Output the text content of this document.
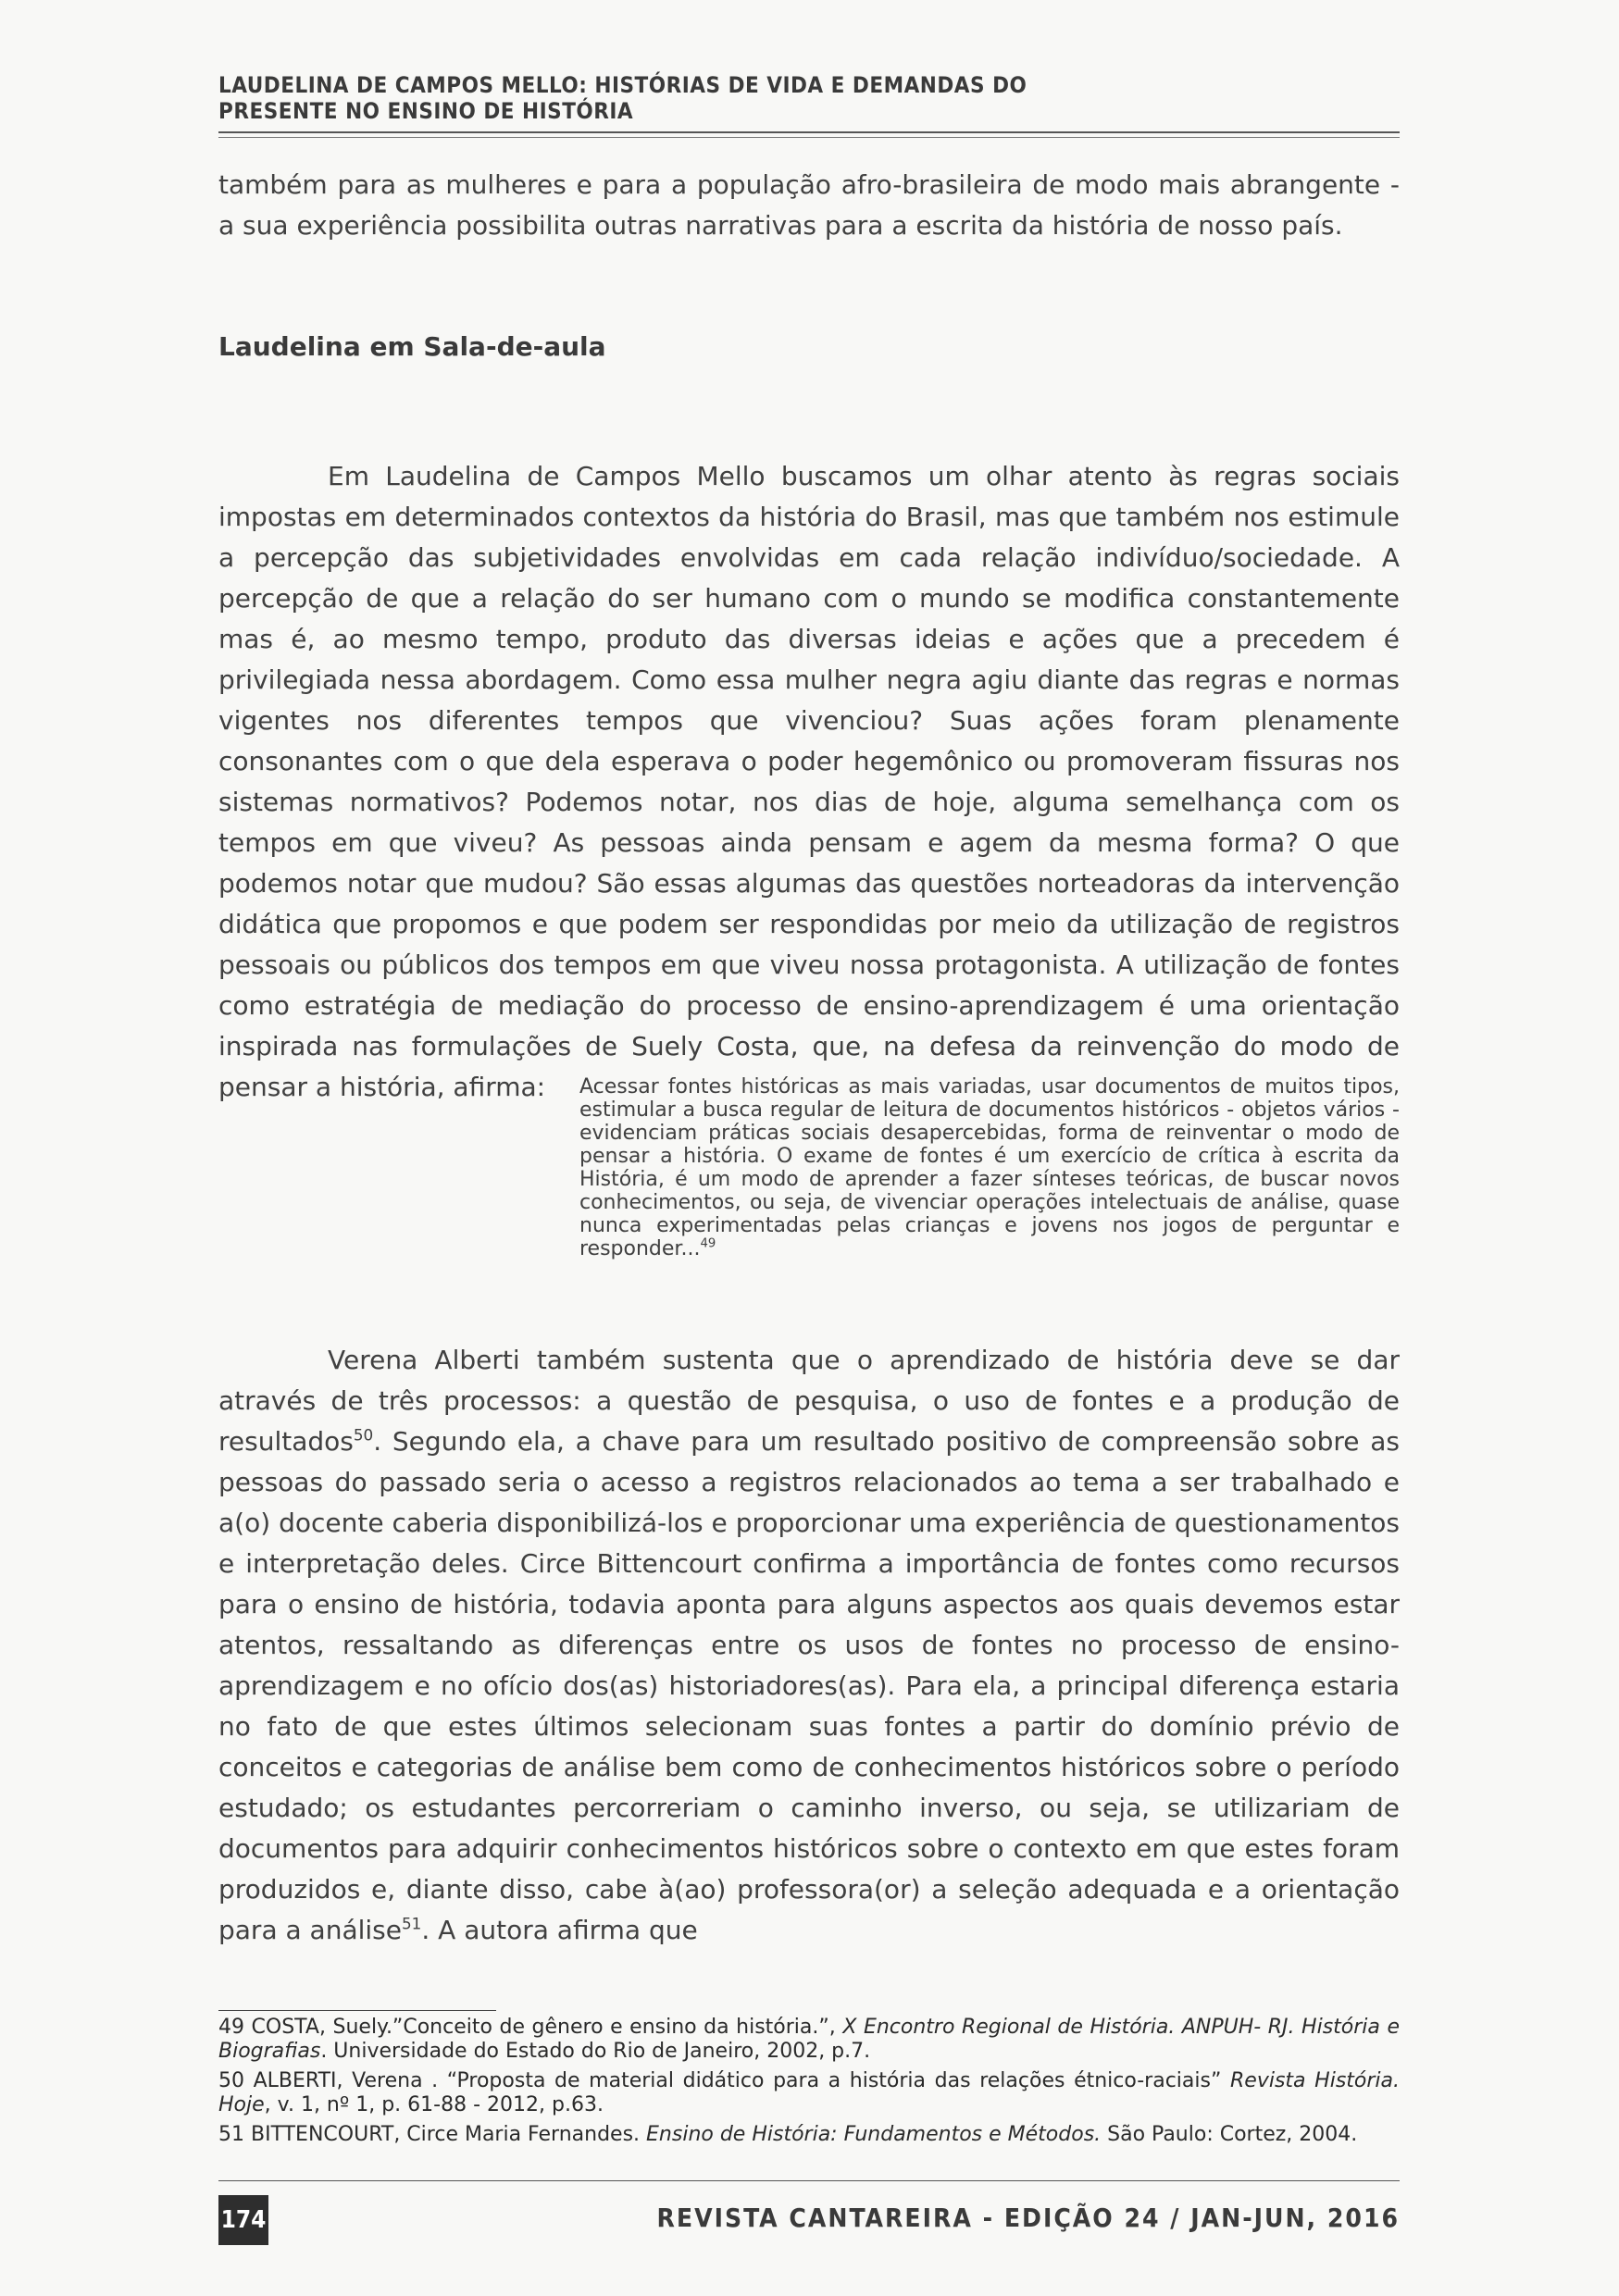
LAUDELINA DE CAMPOS MELLO: HISTÓRIAS DE VIDA E DEMANDAS DO PRESENTE NO ENSINO DE HISTÓRIA
também para as mulheres e para a população afro-brasileira de modo mais abrangente - a sua experiência possibilita outras narrativas para a escrita da história de nosso país.
Laudelina em Sala-de-aula
Em Laudelina de Campos Mello buscamos um olhar atento às regras sociais impostas em determinados contextos da história do Brasil, mas que também nos estimule a percepção das subjetividades envolvidas em cada relação indivíduo/sociedade. A percepção de que a relação do ser humano com o mundo se modifica constantemente mas é, ao mesmo tempo, produto das diversas ideias e ações que a precedem é privilegiada nessa abordagem. Como essa mulher negra agiu diante das regras e normas vigentes nos diferentes tempos que vivenciou? Suas ações foram plenamente consonantes com o que dela esperava o poder hegemônico ou promoveram fissuras nos sistemas normativos? Podemos notar, nos dias de hoje, alguma semelhança com os tempos em que viveu? As pessoas ainda pensam e agem da mesma forma? O que podemos notar que mudou? São essas algumas das questões norteadoras da intervenção didática que propomos e que podem ser respondidas por meio da utilização de registros pessoais ou públicos dos tempos em que viveu nossa protagonista. A utilização de fontes como estratégia de mediação do processo de ensino-aprendizagem é uma orientação inspirada nas formulações de Suely Costa, que, na defesa da reinvenção do modo de pensar a história, afirma:	Acessar fontes históricas as mais variadas, usar documentos de muitos tipos, estimular a busca regular de leitura de documentos históricos - objetos vários - evidenciam práticas sociais desapercebidas, forma de reinventar o modo de pensar a história. O exame de fontes é um exercício de crítica à escrita da História, é um modo de aprender a fazer sínteses teóricas, de buscar novos conhecimentos, ou seja, de vivenciar operações intelectuais de análise, quase nunca experimentadas pelas crianças e jovens nos jogos de perguntar e responder...$^{49}$
Verena Alberti também sustenta que o aprendizado de história deve se dar através de três processos: a questão de pesquisa, o uso de fontes e a produção de resultados$^{50}$. Segundo ela, a chave para um resultado positivo de compreensão sobre as pessoas do passado seria o acesso a registros relacionados ao tema a ser trabalhado e a(o) docente caberia disponibilizá-los e proporcionar uma experiência de questionamentos e interpretação deles. Circe Bittencourt confirma a importância de fontes como recursos para o ensino de história, todavia aponta para alguns aspectos aos quais devemos estar atentos, ressaltando as diferenças entre os usos de fontes no processo de ensino-aprendizagem e no ofício dos(as) historiadores(as). Para ela, a principal diferença estaria no fato de que estes últimos selecionam suas fontes a partir do domínio prévio de conceitos e categorias de análise bem como de conhecimentos históricos sobre o período estudado; os estudantes percorreriam o caminho inverso, ou seja, se utilizariam de documentos para adquirir conhecimentos históricos sobre o contexto em que estes foram produzidos e, diante disso, cabe à(ao) professora(or) a seleção adequada e a orientação para a análise$^{51}$. A autora afirma que
49 COSTA, Suely.”Conceito de gênero e ensino da história.”, X Encontro Regional de História. ANPUH- RJ. História e Biografias. Universidade do Estado do Rio de Janeiro, 2002, p.7.
50 ALBERTI, Verena . “Proposta de material didático para a história das relações étnico-raciais” Revista História. Hoje, v. 1, nº 1, p. 61-88 - 2012, p.63.
51 BITTENCOURT, Circe Maria Fernandes. Ensino de História: Fundamentos e Métodos. São Paulo: Cortez, 2004.
174	REVISTA CANTAREIRA - EDIÇÃO 24 / JAN-JUN, 2016
